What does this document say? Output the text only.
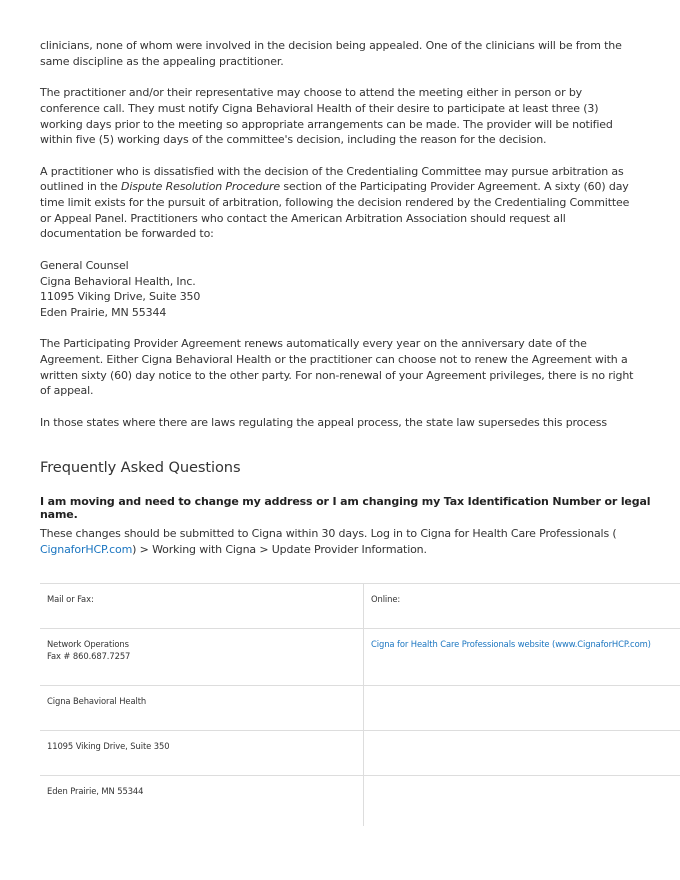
clinicians, none of whom were involved in the decision being appealed. One of the clinicians will be from the same discipline as the appealing practitioner.

The practitioner and/or their representative may choose to attend the meeting either in person or by conference call. They must notify Cigna Behavioral Health of their desire to participate at least three (3) working days prior to the meeting so appropriate arrangements can be made. The provider will be notified within five (5) working days of the committee's decision, including the reason for the decision.

A practitioner who is dissatisfied with the decision of the Credentialing Committee may pursue arbitration as outlined in the Dispute Resolution Procedure section of the Participating Provider Agreement. A sixty (60) day time limit exists for the pursuit of arbitration, following the decision rendered by the Credentialing Committee or Appeal Panel. Practitioners who contact the American Arbitration Association should request all documentation be forwarded to:

General Counsel

Cigna Behavioral Health, Inc.

11095 Viking Drive, Suite 350

Eden Prairie, MN 55344

The Participating Provider Agreement renews automatically every year on the anniversary date of the Agreement. Either Cigna Behavioral Health or the practitioner can choose not to renew the Agreement with a written sixty (60) day notice to the other party. For non-renewal of your Agreement privileges, there is no right of appeal.

In those states where there are laws regulating the appeal process, the state law supersedes this process

Frequently Asked Questions
I am moving and need to change my address or I am changing my Tax Identification Number or legal name.

These changes should be submitted to Cigna within 30 days. Log in to Cigna for Health Care Professionals ( CignaforHCP.com) > Working with Cigna > Update Provider Information.

Mail or Fax:	Online:

Network Operations
Fax # 860.687.7257	Cigna for Health Care Professionals website (www.CignaforHCP.com)
Cigna Behavioral Health	
11095 Viking Drive, Suite 350	
Eden Prairie, MN 55344	
